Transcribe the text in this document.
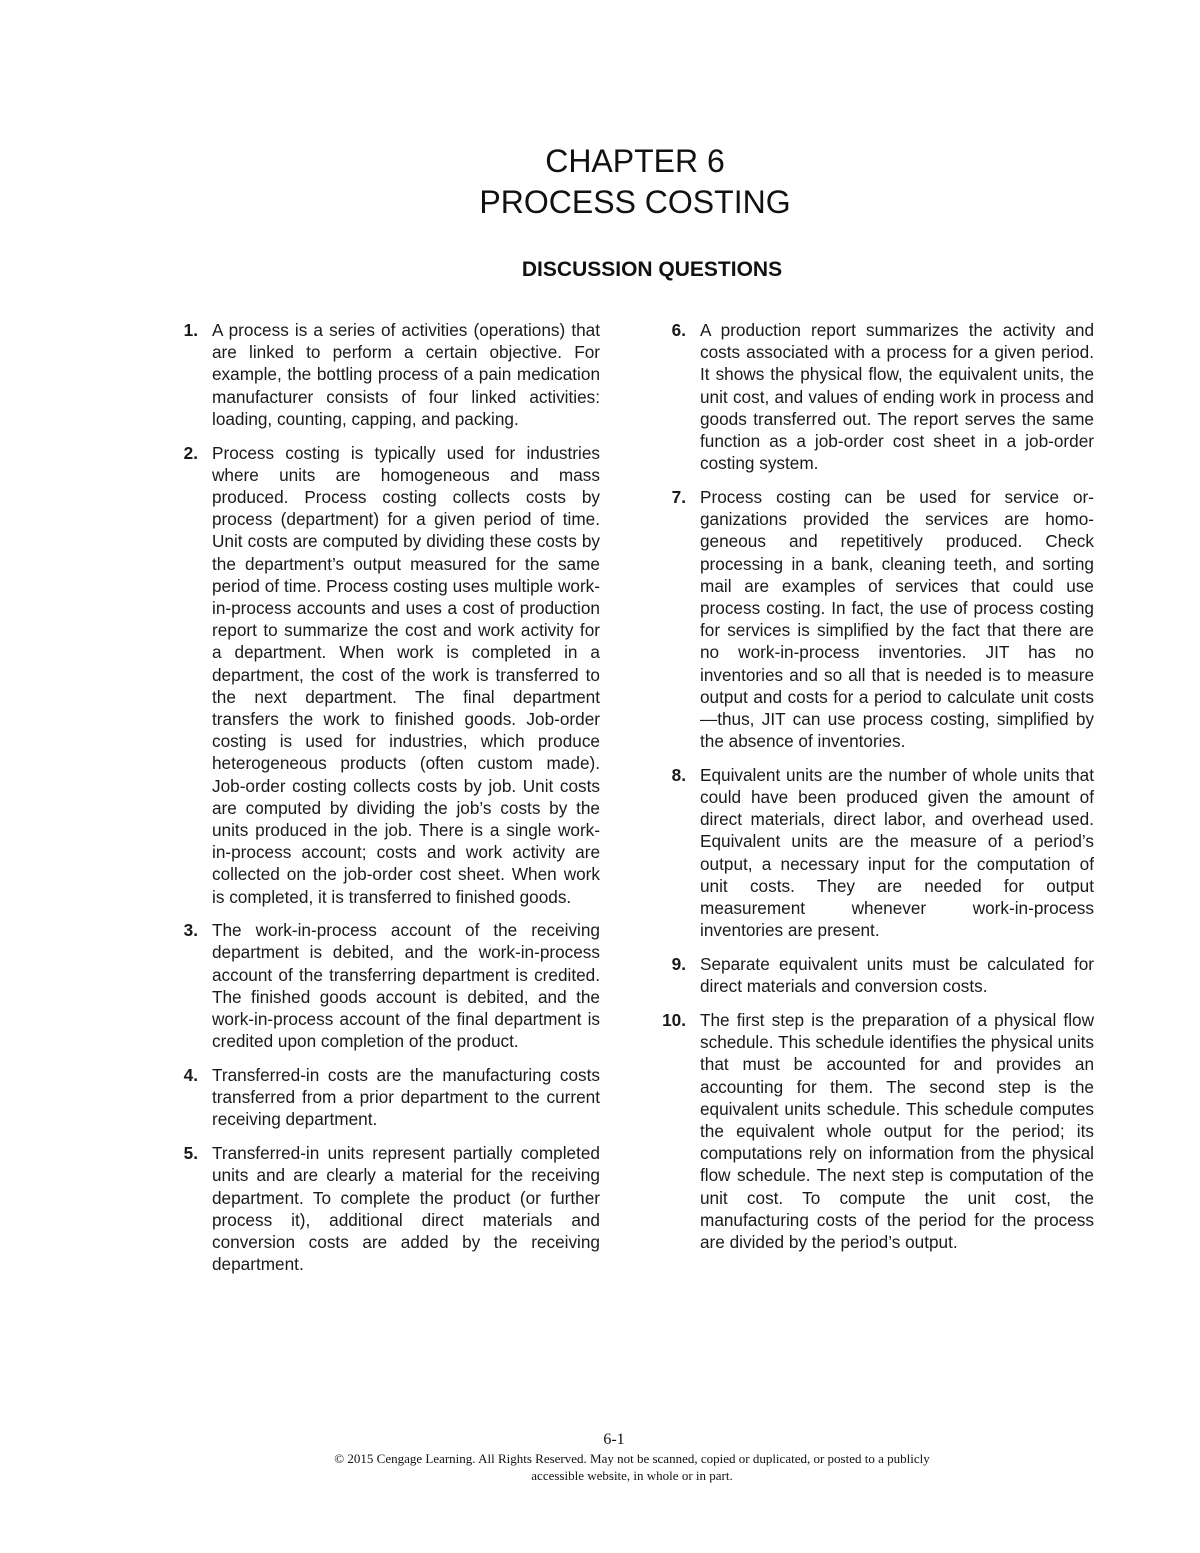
CHAPTER 6
PROCESS COSTING
DISCUSSION QUESTIONS
1. A process is a series of activities (operations) that are linked to perform a certain objective. For example, the bottling process of a pain medication manufacturer consists of four linked activities: loading, counting, capping, and packing.
2. Process costing is typically used for industries where units are homogeneous and mass produced. Process costing collects costs by process (department) for a given period of time. Unit costs are computed by dividing these costs by the department’s output measured for the same period of time. Process costing uses multiple work-in-process accounts and uses a cost of production report to summarize the cost and work activity for a department. When work is completed in a department, the cost of the work is transferred to the next department. The final department transfers the work to finished goods. Job-order costing is used for industries, which produce heterogeneous products (often custom made). Job-order costing collects costs by job. Unit costs are computed by dividing the job’s costs by the units produced in the job. There is a single work-in-process account; costs and work activity are collected on the job-order cost sheet. When work is completed, it is transferred to finished goods.
3. The work-in-process account of the receiving department is debited, and the work-in-process account of the transferring department is credited. The finished goods account is debited, and the work-in-process account of the final department is credited upon completion of the product.
4. Transferred-in costs are the manufacturing costs transferred from a prior department to the current receiving department.
5. Transferred-in units represent partially completed units and are clearly a material for the receiving department. To complete the product (or further process it), additional direct materials and conversion costs are added by the receiving department.
6. A production report summarizes the activity and costs associated with a process for a given period. It shows the physical flow, the equivalent units, the unit cost, and values of ending work in process and goods transferred out. The report serves the same function as a job-order cost sheet in a job-order costing system.
7. Process costing can be used for service organizations provided the services are homogeneous and repetitively produced. Check processing in a bank, cleaning teeth, and sorting mail are examples of services that could use process costing. In fact, the use of process costing for services is simplified by the fact that there are no work-in-process inventories. JIT has no inventories and so all that is needed is to measure output and costs for a period to calculate unit costs—thus, JIT can use process costing, simplified by the absence of inventories.
8. Equivalent units are the number of whole units that could have been produced given the amount of direct materials, direct labor, and overhead used. Equivalent units are the measure of a period’s output, a necessary input for the computation of unit costs. They are needed for output measurement whenever work-in-process inventories are present.
9. Separate equivalent units must be calculated for direct materials and conversion costs.
10. The first step is the preparation of a physical flow schedule. This schedule identifies the physical units that must be accounted for and provides an accounting for them. The second step is the equivalent units schedule. This schedule computes the equivalent whole output for the period; its computations rely on information from the physical flow schedule. The next step is computation of the unit cost. To compute the unit cost, the manufacturing costs of the period for the process are divided by the period’s output.
6-1
© 2015 Cengage Learning. All Rights Reserved. May not be scanned, copied or duplicated, or posted to a publicly
accessible website, in whole or in part.
